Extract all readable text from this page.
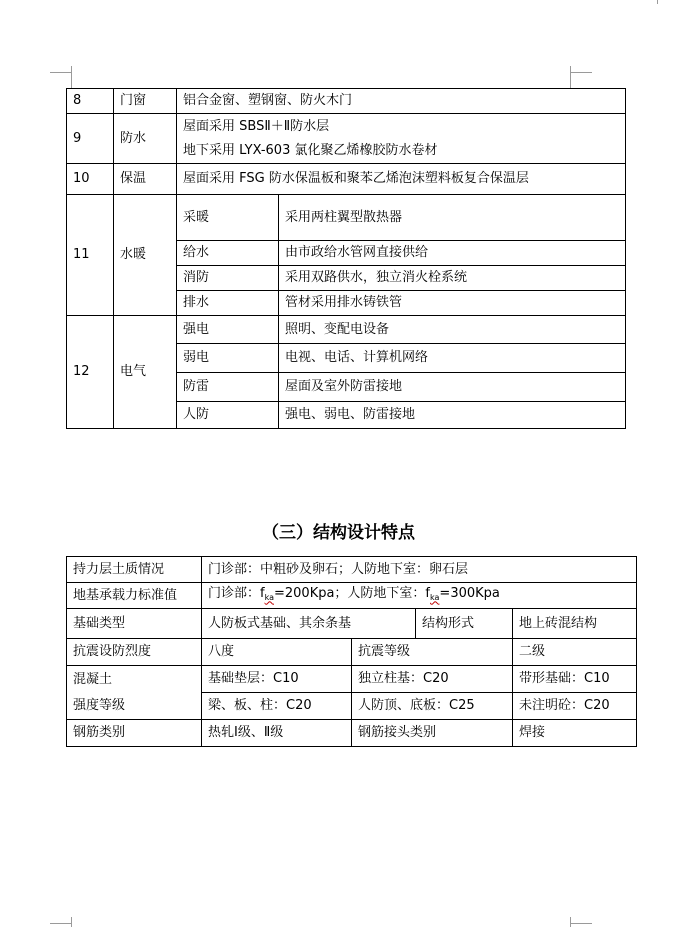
8	门窗	铝合金窗、塑钢窗、防火木门	
9	防水	屋面采用 SBSⅡ＋Ⅱ防水层
地下采用 LYX-603 氯化聚乙烯橡胶防水卷材	

10	保温	屋面采用 FSG 防水保温板和聚苯乙烯泡沫塑料板复合保温层	
11	水暖	采暖	采用两柱翼型散热器
		给水	由市政给水管网直接供给
		消防	采用双路供水，独立消火栓系统
		排水	管材采用排水铸铁管
12	电气	强电	照明、变配电设备
		弱电	电视、电话、计算机网络
		防雷	屋面及室外防雷接地
		人防	强电、弱电、防雷接地
（三）结构设计特点
持力层土质情况	门诊部：中粗砂及卵石；人防地下室：卵石层			
地基承载力标准值	门诊部：$f_{ka}=200Kpa$；人防地下室：$f_{ka}=300Kpa$			
基础类型	人防板式基础、其余条基		结构形式	地上砖混结构
抗震设防烈度	八度	抗震等级		二级

混凝土
强度等级	基础垫层：C10	独立柱基：C20		带形基础：C10
	梁、板、柱：C20	人防顶、底板：C25		未注明砼：C20
钢筋类别	热轧Ⅰ级、Ⅱ级	钢筋接头类别		焊接
